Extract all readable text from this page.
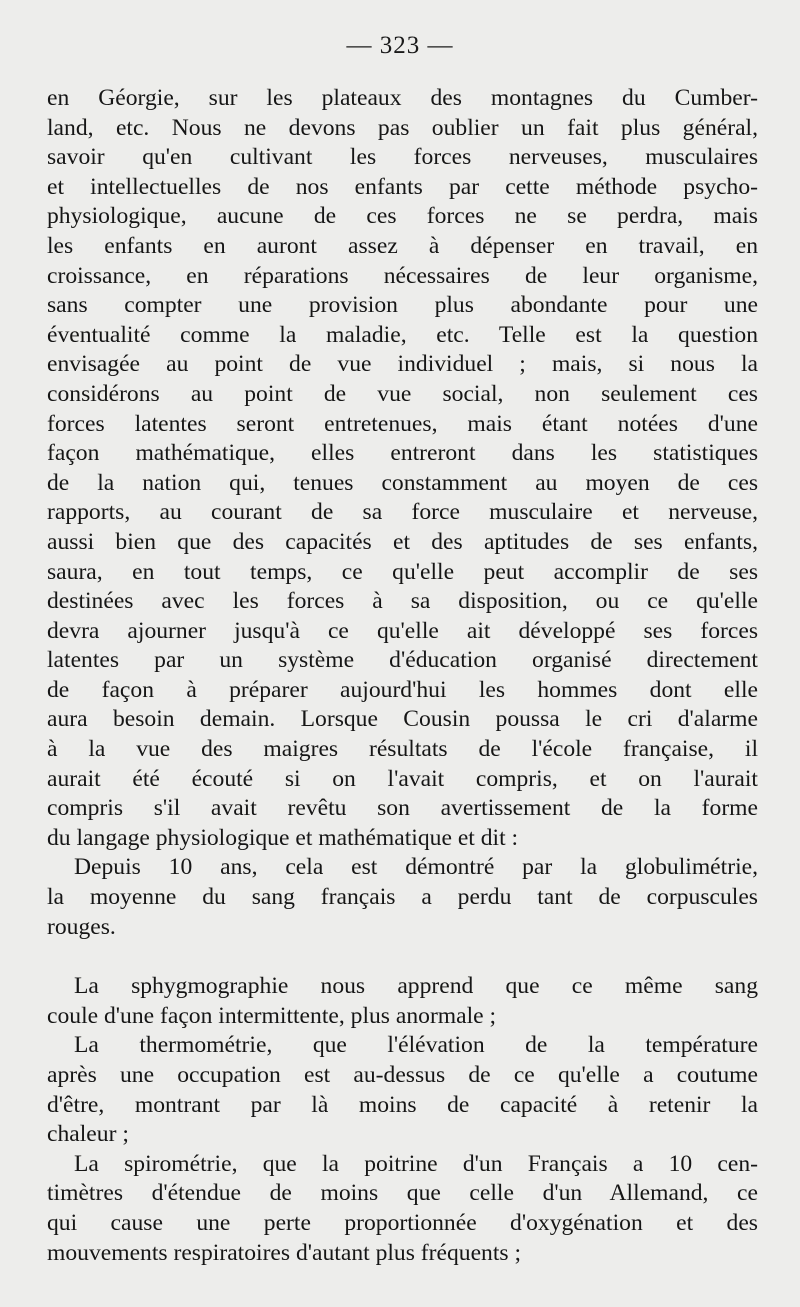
— 323 —
en Géorgie, sur les plateaux des montagnes du Cumber-
land, etc. Nous ne devons pas oublier un fait plus général,
savoir qu'en cultivant les forces nerveuses, musculaires
et intellectuelles de nos enfants par cette méthode psycho-
physiologique, aucune de ces forces ne se perdra, mais
les enfants en auront assez à dépenser en travail, en
croissance, en réparations nécessaires de leur organisme,
sans compter une provision plus abondante pour une
éventualité comme la maladie, etc. Telle est la question
envisagée au point de vue individuel ; mais, si nous la
considérons au point de vue social, non seulement ces
forces latentes seront entretenues, mais étant notées d'une
façon mathématique, elles entreront dans les statistiques
de la nation qui, tenues constamment au moyen de ces
rapports, au courant de sa force musculaire et nerveuse,
aussi bien que des capacités et des aptitudes de ses enfants,
saura, en tout temps, ce qu'elle peut accomplir de ses
destinées avec les forces à sa disposition, ou ce qu'elle
devra ajourner jusqu'à ce qu'elle ait développé ses forces
latentes par un système d'éducation organisé directement
de façon à préparer aujourd'hui les hommes dont elle
aura besoin demain. Lorsque Cousin poussa le cri d'alarme
à la vue des maigres résultats de l'école française, il
aurait été écouté si on l'avait compris, et on l'aurait
compris s'il avait revêtu son avertissement de la forme
du langage physiologique et mathématique et dit :
Depuis 10 ans, cela est démontré par la globulimétrie,
la moyenne du sang français a perdu tant de corpuscules
rouges.
La sphygmographie nous apprend que ce même sang
coule d'une façon intermittente, plus anormale ;
La thermométrie, que l'élévation de la température
après une occupation est au-dessus de ce qu'elle a coutume
d'être, montrant par là moins de capacité à retenir la
chaleur ;
La spirométrie, que la poitrine d'un Français a 10 cen-
timètres d'étendue de moins que celle d'un Allemand, ce
qui cause une perte proportionnée d'oxygénation et des
mouvements respiratoires d'autant plus fréquents ;
